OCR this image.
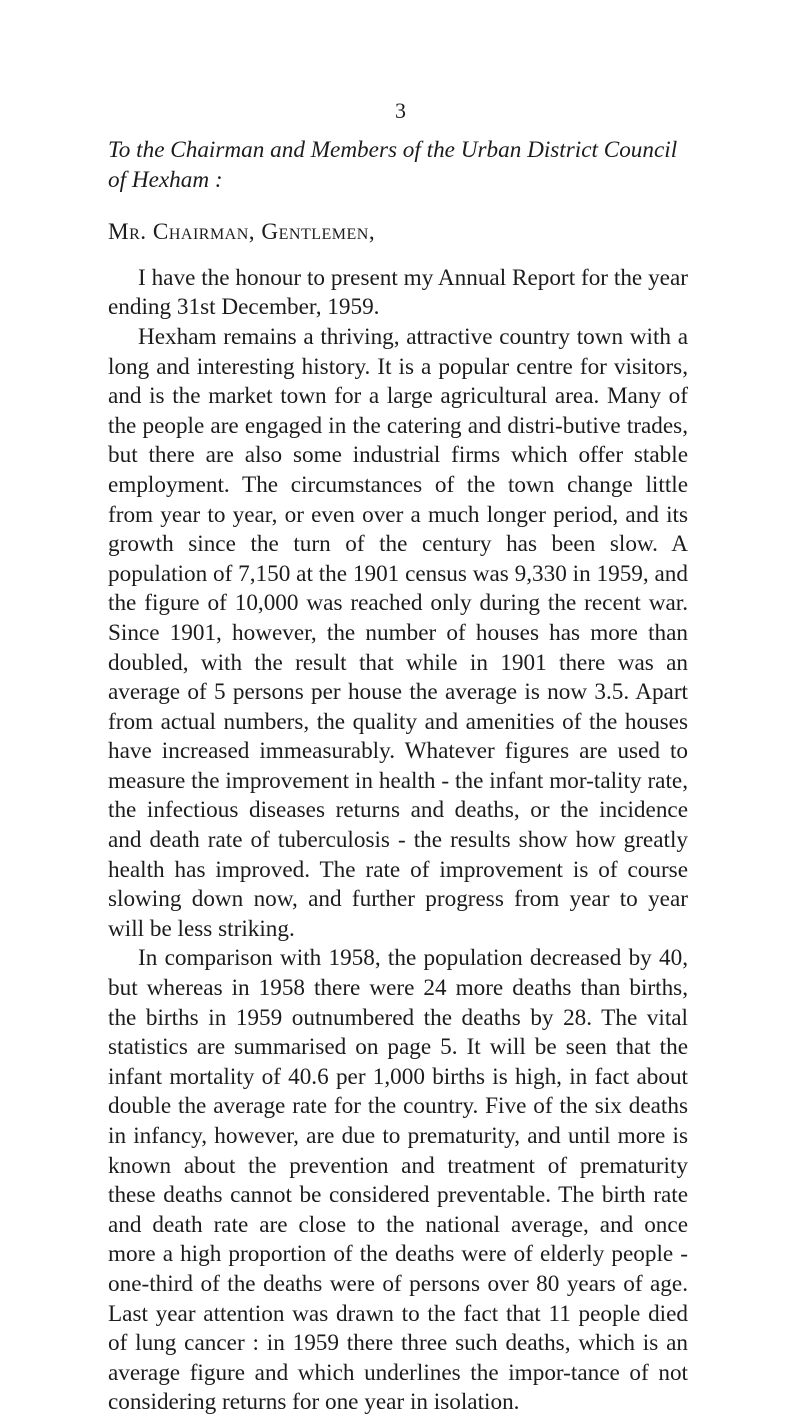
3

To the Chairman and Members of the Urban District Council of Hexham :

Mr. Chairman, Gentlemen,

I have the honour to present my Annual Report for the year ending 31st December, 1959.

Hexham remains a thriving, attractive country town with a long and interesting history. It is a popular centre for visitors, and is the market town for a large agricultural area. Many of the people are engaged in the catering and distri-butive trades, but there are also some industrial firms which offer stable employment. The circumstances of the town change little from year to year, or even over a much longer period, and its growth since the turn of the century has been slow. A population of 7,150 at the 1901 census was 9,330 in 1959, and the figure of 10,000 was reached only during the recent war. Since 1901, however, the number of houses has more than doubled, with the result that while in 1901 there was an average of 5 persons per house the average is now 3.5. Apart from actual numbers, the quality and amenities of the houses have increased immeasurably. Whatever figures are used to measure the improvement in health - the infant mor-tality rate, the infectious diseases returns and deaths, or the incidence and death rate of tuberculosis - the results show how greatly health has improved. The rate of improvement is of course slowing down now, and further progress from year to year will be less striking.

In comparison with 1958, the population decreased by 40, but whereas in 1958 there were 24 more deaths than births, the births in 1959 outnumbered the deaths by 28. The vital statistics are summarised on page 5. It will be seen that the infant mortality of 40.6 per 1,000 births is high, in fact about double the average rate for the country. Five of the six deaths in infancy, however, are due to prematurity, and until more is known about the prevention and treatment of prematurity these deaths cannot be considered preventable. The birth rate and death rate are close to the national average, and once more a high proportion of the deaths were of elderly people - one-third of the deaths were of persons over 80 years of age. Last year attention was drawn to the fact that 11 people died of lung cancer : in 1959 there three such deaths, which is an average figure and which underlines the impor-tance of not considering returns for one year in isolation.
